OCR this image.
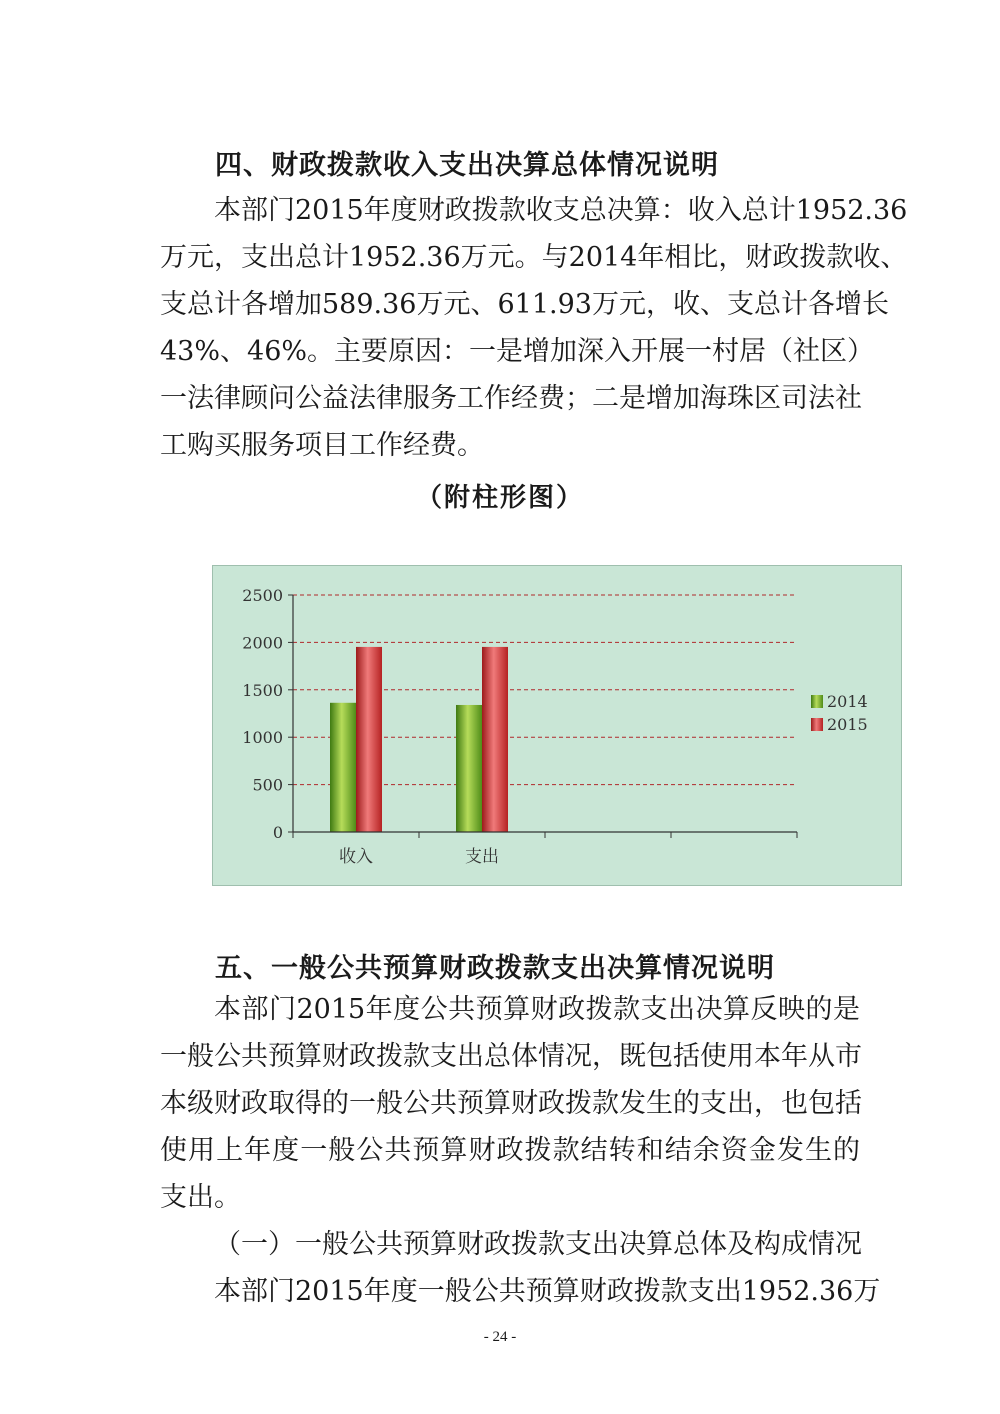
四、财政拨款收入支出决算总体情况说明
本部门2015年度财政拨款收支总决算：收入总计1952.36
万元，支出总计1952.36万元。与2014年相比，财政拨款收、
支总计各增加589.36万元、611.93万元，收、支总计各增长
43%、46%。主要原因：一是增加深入开展一村居（社区）
一法律顾问公益法律服务工作经费；二是增加海珠区司法社
工购买服务项目工作经费。
（附柱形图）
0
500
1000
1500
2000
2500
收入	支出
2014
2015
五、一般公共预算财政拨款支出决算情况说明
本部门2015年度公共预算财政拨款支出决算反映的是
一般公共预算财政拨款支出总体情况，既包括使用本年从市
本级财政取得的一般公共预算财政拨款发生的支出，也包括
使用上年度一般公共预算财政拨款结转和结余资金发生的
支出。
（一）一般公共预算财政拨款支出决算总体及构成情况
本部门2015年度一般公共预算财政拨款支出1952.36万
- 24 -
